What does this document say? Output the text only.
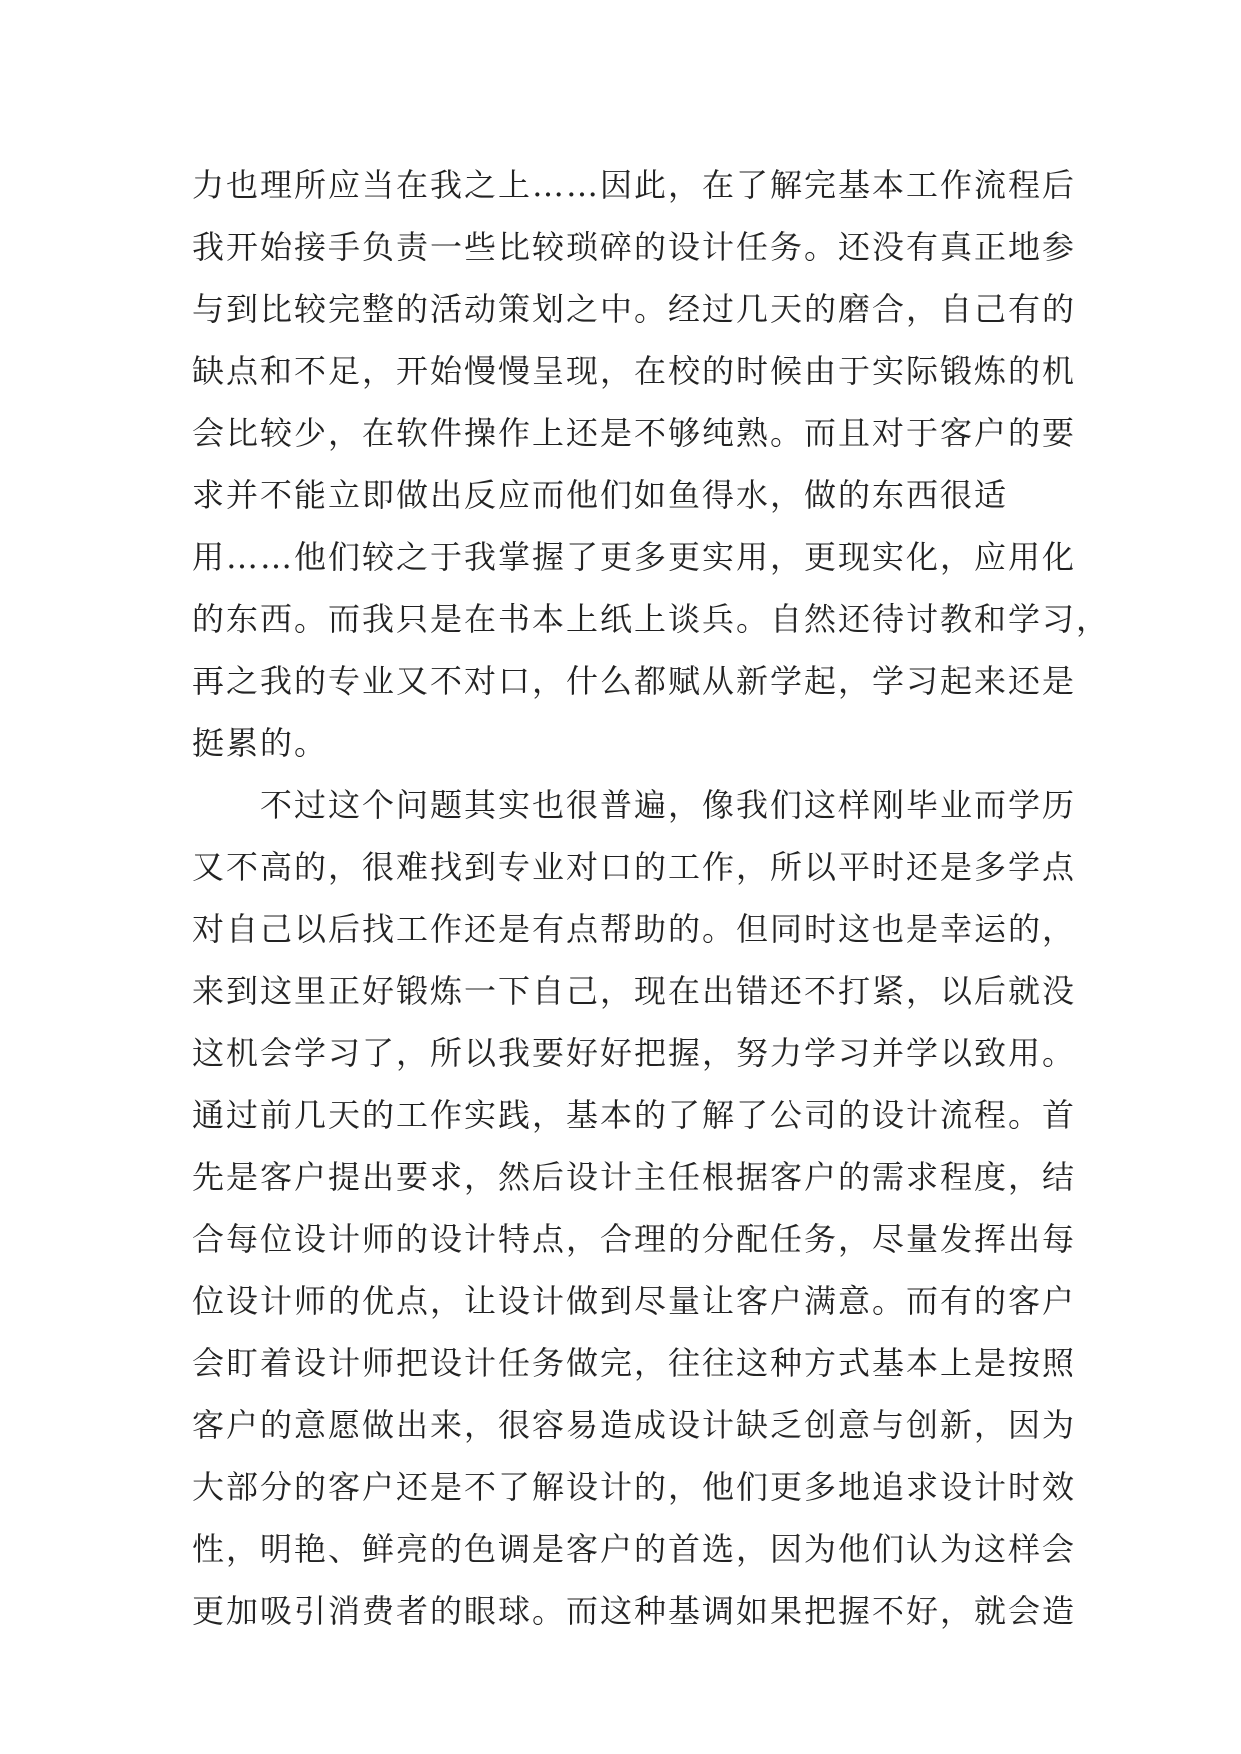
力也理所应当在我之上……因此，在了解完基本工作流程后
我开始接手负责一些比较琐碎的设计任务。还没有真正地参
与到比较完整的活动策划之中。经过几天的磨合，自己有的
缺点和不足，开始慢慢呈现，在校的时候由于实际锻炼的机
会比较少，在软件操作上还是不够纯熟。而且对于客户的要
求并不能立即做出反应而他们如鱼得水，做的东西很适
用……他们较之于我掌握了更多更实用，更现实化，应用化
的东西。而我只是在书本上纸上谈兵。自然还待讨教和学习，
再之我的专业又不对口，什么都赋从新学起，学习起来还是
挺累的。
不过这个问题其实也很普遍，像我们这样刚毕业而学历
又不高的，很难找到专业对口的工作，所以平时还是多学点
对自己以后找工作还是有点帮助的。但同时这也是幸运的，
来到这里正好锻炼一下自己，现在出错还不打紧，以后就没
这机会学习了，所以我要好好把握，努力学习并学以致用。
通过前几天的工作实践，基本的了解了公司的设计流程。首
先是客户提出要求，然后设计主任根据客户的需求程度，结
合每位设计师的设计特点，合理的分配任务，尽量发挥出每
位设计师的优点，让设计做到尽量让客户满意。而有的客户
会盯着设计师把设计任务做完，往往这种方式基本上是按照
客户的意愿做出来，很容易造成设计缺乏创意与创新，因为
大部分的客户还是不了解设计的，他们更多地追求设计时效
性，明艳、鲜亮的色调是客户的首选，因为他们认为这样会
更加吸引消费者的眼球。而这种基调如果把握不好，就会造
